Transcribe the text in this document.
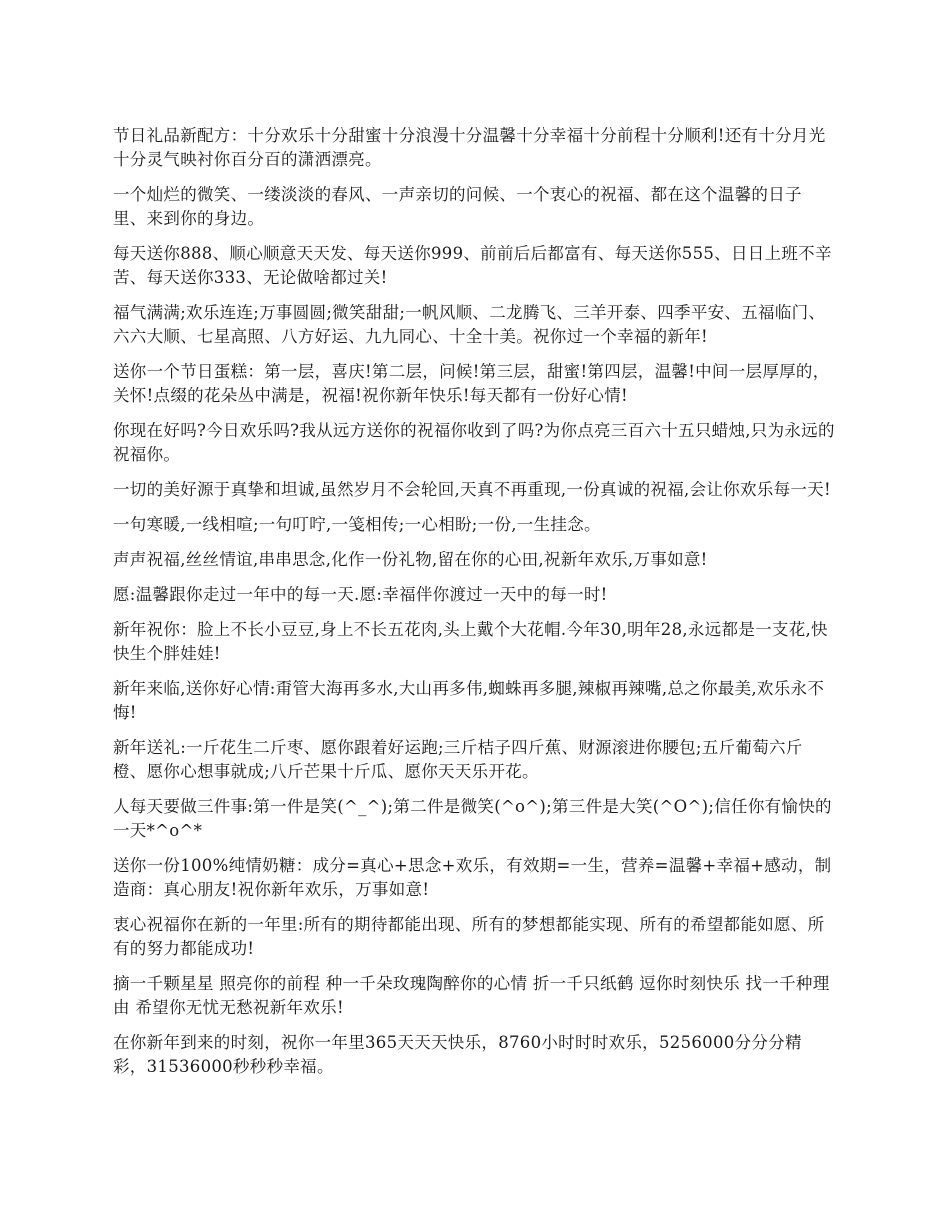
节日礼品新配方：十分欢乐十分甜蜜十分浪漫十分温馨十分幸福十分前程十分顺利!还有十分月光十分灵气映衬你百分百的潇洒漂亮。

一个灿烂的微笑、一缕淡淡的春风、一声亲切的问候、一个衷心的祝福、都在这个温馨的日子里、来到你的身边。

每天送你888、顺心顺意天天发、每天送你999、前前后后都富有、每天送你555、日日上班不辛苦、每天送你333、无论做啥都过关!

福气满满;欢乐连连;万事圆圆;微笑甜甜;一帆风顺、二龙腾飞、三羊开泰、四季平安、五福临门、六六大顺、七星高照、八方好运、九九同心、十全十美。祝你过一个幸福的新年!

送你一个节日蛋糕：第一层，喜庆!第二层，问候!第三层，甜蜜!第四层，温馨!中间一层厚厚的，关怀!点缀的花朵丛中满是，祝福!祝你新年快乐!每天都有一份好心情!

你现在好吗?今日欢乐吗?我从远方送你的祝福你收到了吗?为你点亮三百六十五只蜡烛,只为永远的祝福你。

一切的美好源于真挚和坦诚,虽然岁月不会轮回,天真不再重现,一份真诚的祝福,会让你欢乐每一天!

一句寒暖,一线相喧;一句叮咛,一笺相传;一心相盼;一份,一生挂念。

声声祝福,丝丝情谊,串串思念,化作一份礼物,留在你的心田,祝新年欢乐,万事如意!

愿:温馨跟你走过一年中的每一天.愿:幸福伴你渡过一天中的每一时!

新年祝你：脸上不长小豆豆,身上不长五花肉,头上戴个大花帽.今年30,明年28,永远都是一支花,快快生个胖娃娃!

新年来临,送你好心情:甭管大海再多水,大山再多伟,蜘蛛再多腿,辣椒再辣嘴,总之你最美,欢乐永不悔!

新年送礼:一斤花生二斤枣、愿你跟着好运跑;三斤桔子四斤蕉、财源滚进你腰包;五斤葡萄六斤橙、愿你心想事就成;八斤芒果十斤瓜、愿你天天乐开花。

人每天要做三件事:第一件是笑(^_^);第二件是微笑(^o^);第三件是大笑(^O^);信任你有愉快的一天*^o^*

送你一份100%纯情奶糖：成分=真心+思念+欢乐，有效期=一生，营养=温馨+幸福+感动，制造商：真心朋友!祝你新年欢乐，万事如意!

衷心祝福你在新的一年里:所有的期待都能出现、所有的梦想都能实现、所有的希望都能如愿、所有的努力都能成功!

摘一千颗星星 照亮你的前程 种一千朵玫瑰陶醉你的心情 折一千只纸鹤 逗你时刻快乐 找一千种理由 希望你无忧无愁祝新年欢乐!

在你新年到来的时刻，祝你一年里365天天天快乐，8760小时时时欢乐，5256000分分分精彩，31536000秒秒秒幸福。
